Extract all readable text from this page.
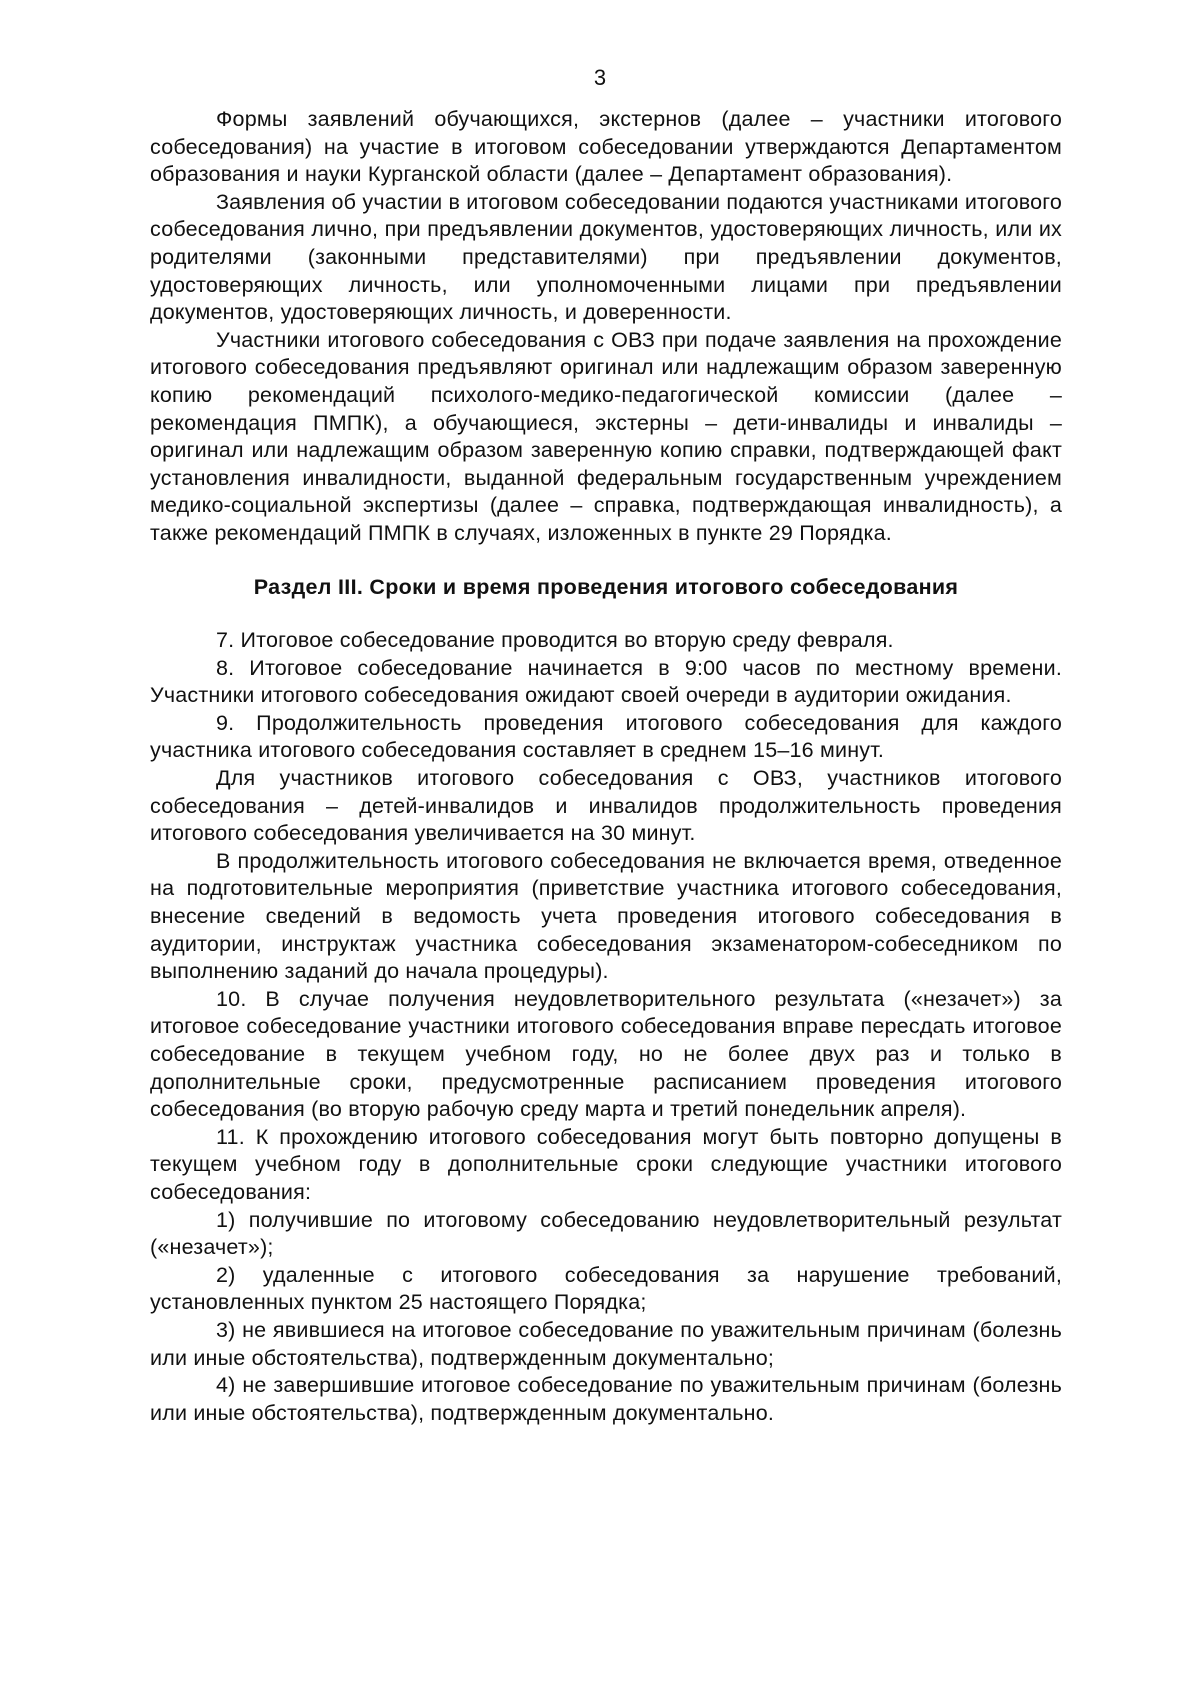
3

Формы заявлений обучающихся, экстернов (далее – участники итогового собеседования) на участие в итоговом собеседовании утверждаются Департаментом образования и науки Курганской области (далее – Департамент образования).

Заявления об участии в итоговом собеседовании подаются участниками итогового собеседования лично, при предъявлении документов, удостоверяющих личность, или их родителями (законными представителями) при предъявлении документов, удостоверяющих личность, или уполномоченными лицами при предъявлении документов, удостоверяющих личность, и доверенности.

Участники итогового собеседования с ОВЗ при подаче заявления на прохождение итогового собеседования предъявляют оригинал или надлежащим образом заверенную копию рекомендаций психолого-медико-педагогической комиссии (далее – рекомендация ПМПК), а обучающиеся, экстерны – дети-инвалиды и инвалиды – оригинал или надлежащим образом заверенную копию справки, подтверждающей факт установления инвалидности, выданной федеральным государственным учреждением медико-социальной экспертизы (далее – справка, подтверждающая инвалидность), а также рекомендаций ПМПК в случаях, изложенных в пункте 29 Порядка.

Раздел III. Сроки и время проведения итогового собеседования

7. Итоговое собеседование проводится во вторую среду февраля.

8. Итоговое собеседование начинается в 9:00 часов по местному времени. Участники итогового собеседования ожидают своей очереди в аудитории ожидания.

9. Продолжительность проведения итогового собеседования для каждого участника итогового собеседования составляет в среднем 15–16 минут.

Для участников итогового собеседования с ОВЗ, участников итогового собеседования – детей-инвалидов и инвалидов продолжительность проведения итогового собеседования увеличивается на 30 минут.

В продолжительность итогового собеседования не включается время, отведенное на подготовительные мероприятия (приветствие участника итогового собеседования, внесение сведений в ведомость учета проведения итогового собеседования в аудитории, инструктаж участника собеседования экзаменатором-собеседником по выполнению заданий до начала процедуры).

10. В случае получения неудовлетворительного результата («незачет») за итоговое собеседование участники итогового собеседования вправе пересдать итоговое собеседование в текущем учебном году, но не более двух раз и только в дополнительные сроки, предусмотренные расписанием проведения итогового собеседования (во вторую рабочую среду марта и третий понедельник апреля).

11. К прохождению итогового собеседования могут быть повторно допущены в текущем учебном году в дополнительные сроки следующие участники итогового собеседования:

1) получившие по итоговому собеседованию неудовлетворительный результат («незачет»);

2) удаленные с итогового собеседования за нарушение требований, установленных пунктом 25 настоящего Порядка;

3) не явившиеся на итоговое собеседование по уважительным причинам (болезнь или иные обстоятельства), подтвержденным документально;

4) не завершившие итоговое собеседование по уважительным причинам (болезнь или иные обстоятельства), подтвержденным документально.
